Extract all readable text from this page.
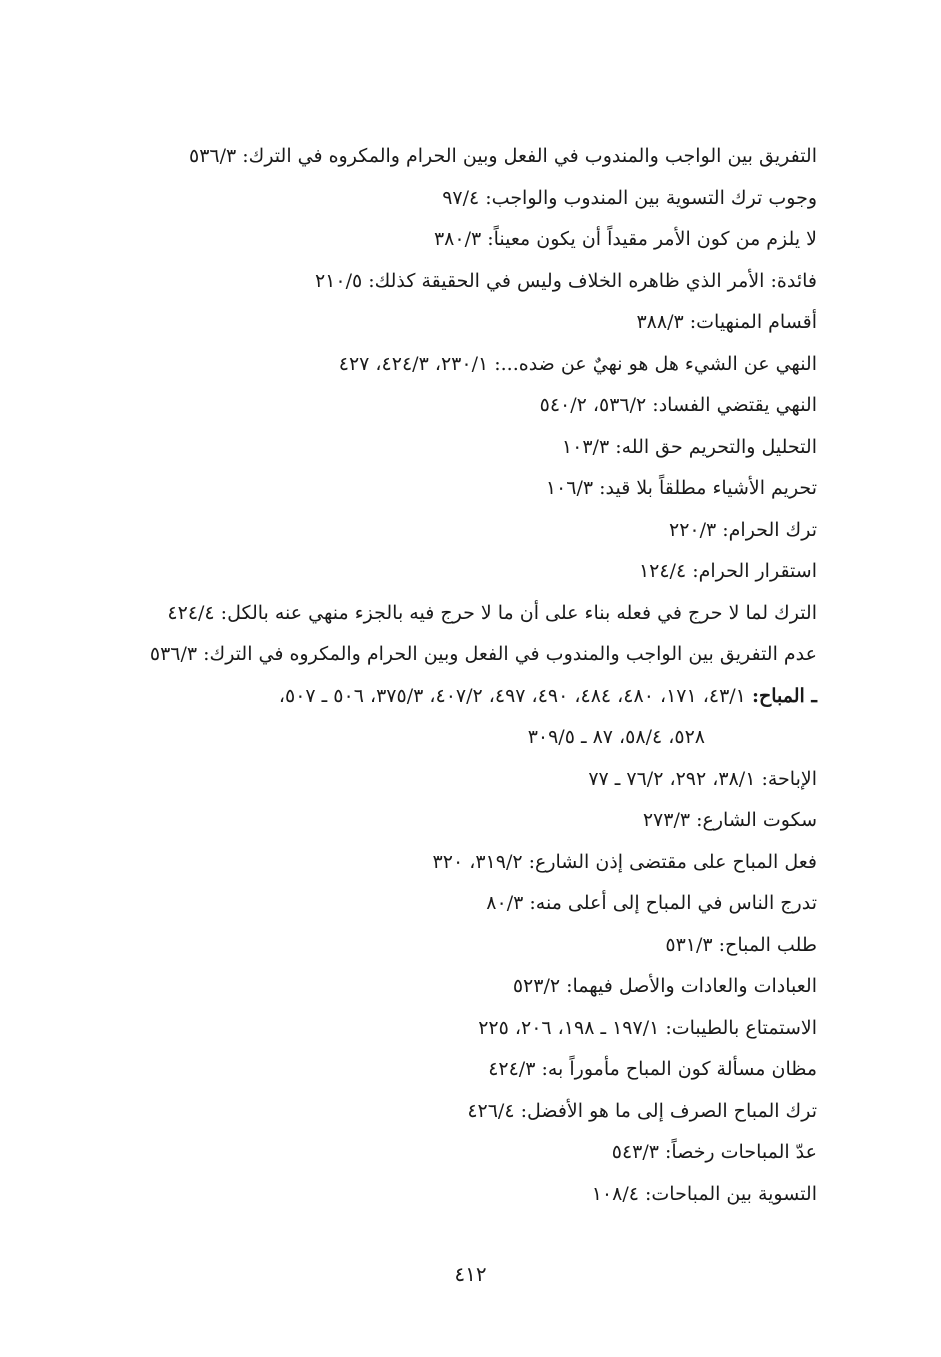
التفريق بين الواجب والمندوب في الفعل وبين الحرام والمكروه في الترك: ٥٣٦/٣
وجوب ترك التسوية بين المندوب والواجب: ٩٧/٤
لا يلزم من كون الأمر مقيداً أن يكون معيناً: ٣٨٠/٣
فائدة: الأمر الذي ظاهره الخلاف وليس في الحقيقة كذلك: ٢١٠/٥
أقسام المنهيات: ٣٨٨/٣
النهي عن الشيء هل هو نهيٌ عن ضده...: ٢٣٠/١، ٤٢٤/٣، ٤٢٧
النهي يقتضي الفساد: ٥٣٦/٢، ٥٤٠/٢
التحليل والتحريم حق الله: ١٠٣/٣
تحريم الأشياء مطلقاً بلا قيد: ١٠٦/٣
ترك الحرام: ٢٢٠/٣
استقرار الحرام: ١٢٤/٤
الترك لما لا حرج في فعله بناء على أن ما لا حرج فيه بالجزء منهي عنه بالكل: ٤٢٤/٤
عدم التفريق بين الواجب والمندوب في الفعل وبين الحرام والمكروه في الترك: ٥٣٦/٣
ـ المباح: ٤٣/١، ١٧١، ٤٨٠، ٤٨٤، ٤٩٠، ٤٩٧، ٤٠٧/٢، ٣٧٥/٣، ٥٠٦ ـ ٥٠٧،
٥٢٨، ٥٨/٤، ٨٧ ـ ٣٠٩/٥
الإباحة: ٣٨/١، ٢٩٢، ٧٦/٢ ـ ٧٧
سكوت الشارع: ٢٧٣/٣
فعل المباح على مقتضى إذن الشارع: ٣١٩/٢، ٣٢٠
تدرج الناس في المباح إلى أعلى منه: ٨٠/٣
طلب المباح: ٥٣١/٣
العبادات والعادات والأصل فيهما: ٥٢٣/٢
الاستمتاع بالطيبات: ١٩٧/١ ـ ١٩٨، ٢٠٦، ٢٢٥
مظان مسألة كون المباح مأموراً به: ٤٢٤/٣
ترك المباح الصرف إلى ما هو الأفضل: ٤٢٦/٤
عدّ المباحات رخصاً: ٥٤٣/٣
التسوية بين المباحات: ١٠٨/٤
٤١٢
